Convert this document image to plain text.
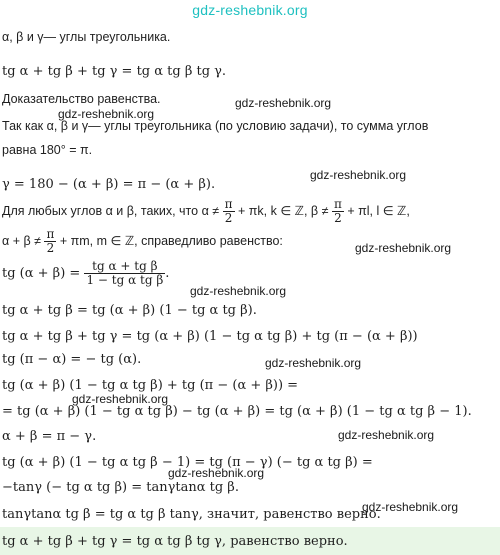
gdz-reshebnik.org
α, β и γ— углы треугольника.
tg α + tg β + tg γ = tg α tg β tg γ.
Доказательство равенства.
Так как α, β и γ— углы треугольника (по условию задачи), то сумма углов
равна 180° = π.
γ = 180 − (α + β) = π − (α + β).
Для любых углов α и β, таких, что $\alpha \ne \frac{\pi}{2} + \pi k$, k ∈ ℤ, $\beta \ne \frac{\pi}{2} + \pi l$, l ∈ ℤ,
$\alpha + \beta \ne \frac{\pi}{2} + \pi m$, m ∈ ℤ, справедливо равенство:
tg $(\alpha + \beta) = \frac{\text{tg α + tg β}}{\text{1 − tg α tg β}}$ .
tg α + tg β = tg (α + β) (1 − tg α tg β).
tg α + tg β + tg γ = tg (α + β) (1 − tg α tg β) + tg (π − (α + β))
tg (π − α) = − tg (α).
tg (α + β) (1 − tg α tg β) + tg (π − (α + β)) =
= tg (α + β) (1 − tg α tg β) − tg (α + β) = tg (α + β) (1 − tg α tg β − 1).
α + β = π − γ.
tg (α + β) (1 − tg α tg β − 1) = tg (π − γ) (− tg α tg β) =
−tanγ (− tg α tg β) = tanγtanα tg β.
tanγtanα tg β = tg α tg β tanγ, значит, равенство верно.
tg α + tg β + tg γ = tg α tg β tg γ, равенство верно.
gdz-reshebnik.org
gdz-reshebnik.org
gdz-reshebnik.org
gdz-reshebnik.org
gdz-reshebnik.org
gdz-reshebnik.org
gdz-reshebnik.org
gdz-reshebnik.org
gdz-reshebnik.org
gdz-reshebnik.org
